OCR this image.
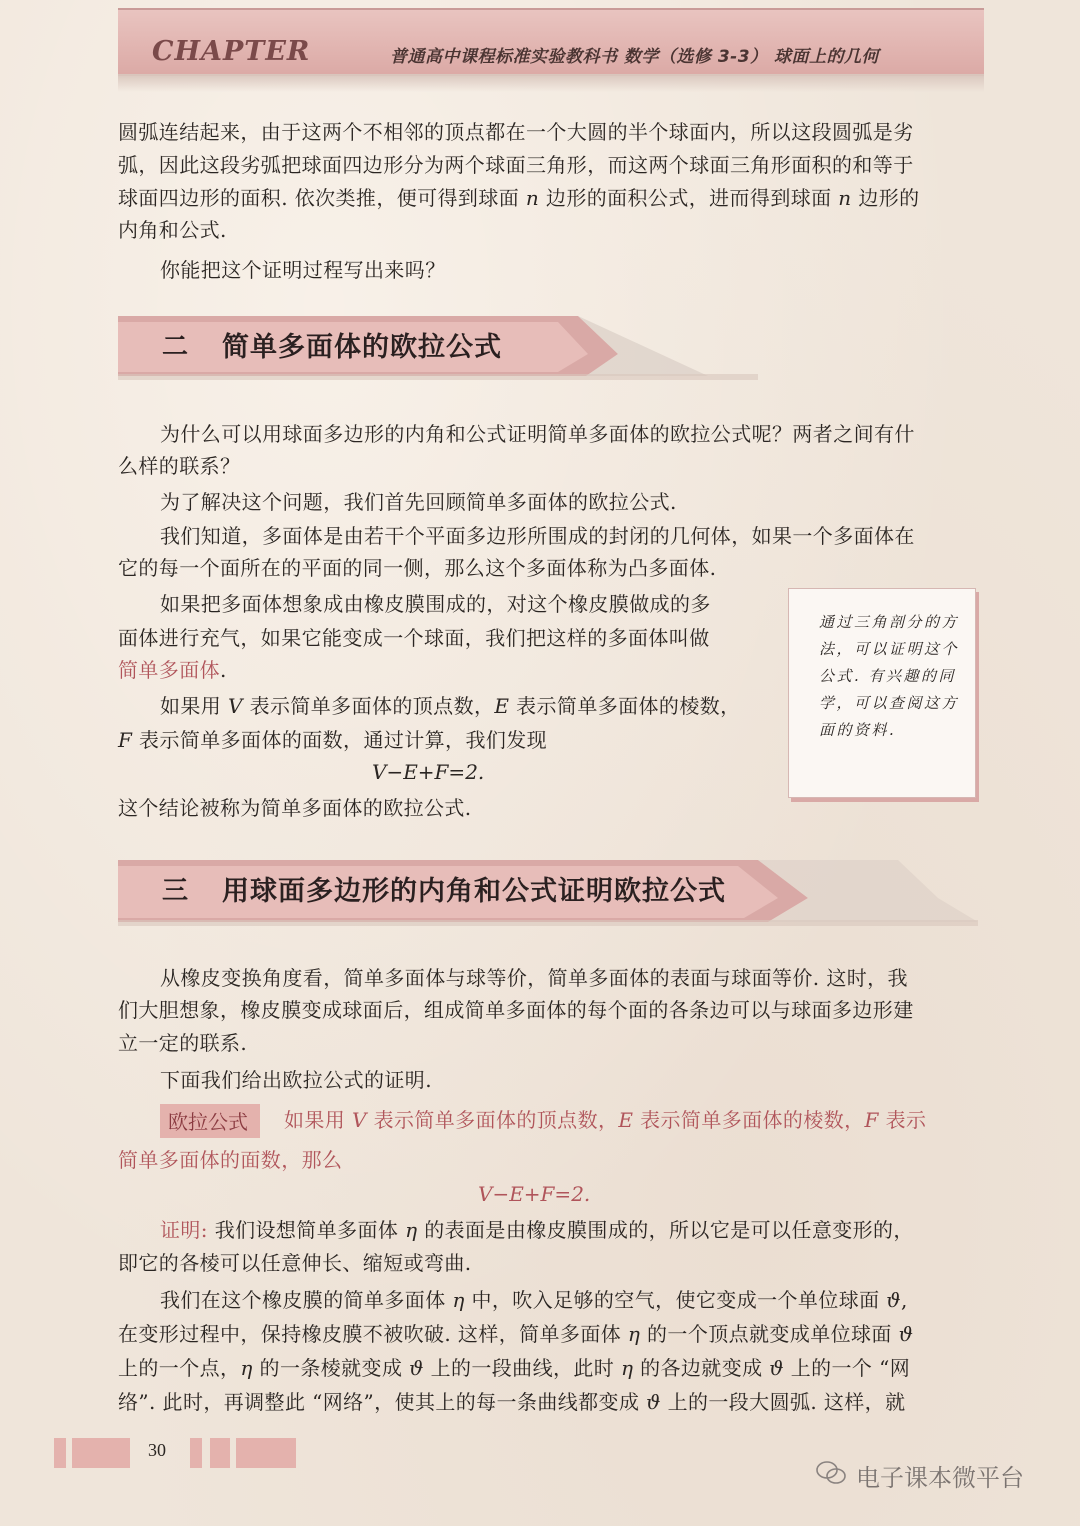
CHAPTER	普通高中课程标准实验教科书 数学（选修 3-3） 球面上的几何

圆弧连结起来，由于这两个不相邻的顶点都在一个大圆的半个球面内，所以这段圆弧是劣

弧，因此这段劣弧把球面四边形分为两个球面三角形，而这两个球面三角形面积的和等于

球面四边形的面积. 依次类推，便可得到球面 n 边形的面积公式，进而得到球面 n 边形的

内角和公式.

你能把这个证明过程写出来吗？

二 简单多面体的欧拉公式

为什么可以用球面多边形的内角和公式证明简单多面体的欧拉公式呢？两者之间有什

么样的联系？

为了解决这个问题，我们首先回顾简单多面体的欧拉公式.

我们知道，多面体是由若干个平面多边形所围成的封闭的几何体，如果一个多面体在

它的每一个面所在的平面的同一侧，那么这个多面体称为凸多面体.

如果把多面体想象成由橡皮膜围成的，对这个橡皮膜做成的多

面体进行充气，如果它能变成一个球面，我们把这样的多面体叫做

简单多面体.

如果用 V 表示简单多面体的顶点数，E 表示简单多面体的棱数，

F 表示简单多面体的面数，通过计算，我们发现

V−E+F=2.

这个结论被称为简单多面体的欧拉公式.

通过三角剖分的方法，可以证明这个公式. 有兴趣的同学，可以查阅这方面的资料.

三 用球面多边形的内角和公式证明欧拉公式

从橡皮变换角度看，简单多面体与球等价，简单多面体的表面与球面等价. 这时，我

们大胆想象，橡皮膜变成球面后，组成简单多面体的每个面的各条边可以与球面多边形建

立一定的联系.

下面我们给出欧拉公式的证明.

欧拉公式 如果用 V 表示简单多面体的顶点数，E 表示简单多面体的棱数，F 表示

简单多面体的面数，那么

V−E+F=2.

证明: 我们设想简单多面体 η 的表面是由橡皮膜围成的，所以它是可以任意变形的，

即它的各棱可以任意伸长、缩短或弯曲.

我们在这个橡皮膜的简单多面体 η 中，吹入足够的空气，使它变成一个单位球面 ϑ,

在变形过程中，保持橡皮膜不被吹破. 这样，简单多面体 η 的一个顶点就变成单位球面 ϑ

上的一个点，η 的一条棱就变成 ϑ 上的一段曲线，此时 η 的各边就变成 ϑ 上的一个 “网

络”. 此时，再调整此 “网络”，使其上的每一条曲线都变成 ϑ 上的一段大圆弧. 这样，就

30
电子课本微平台
